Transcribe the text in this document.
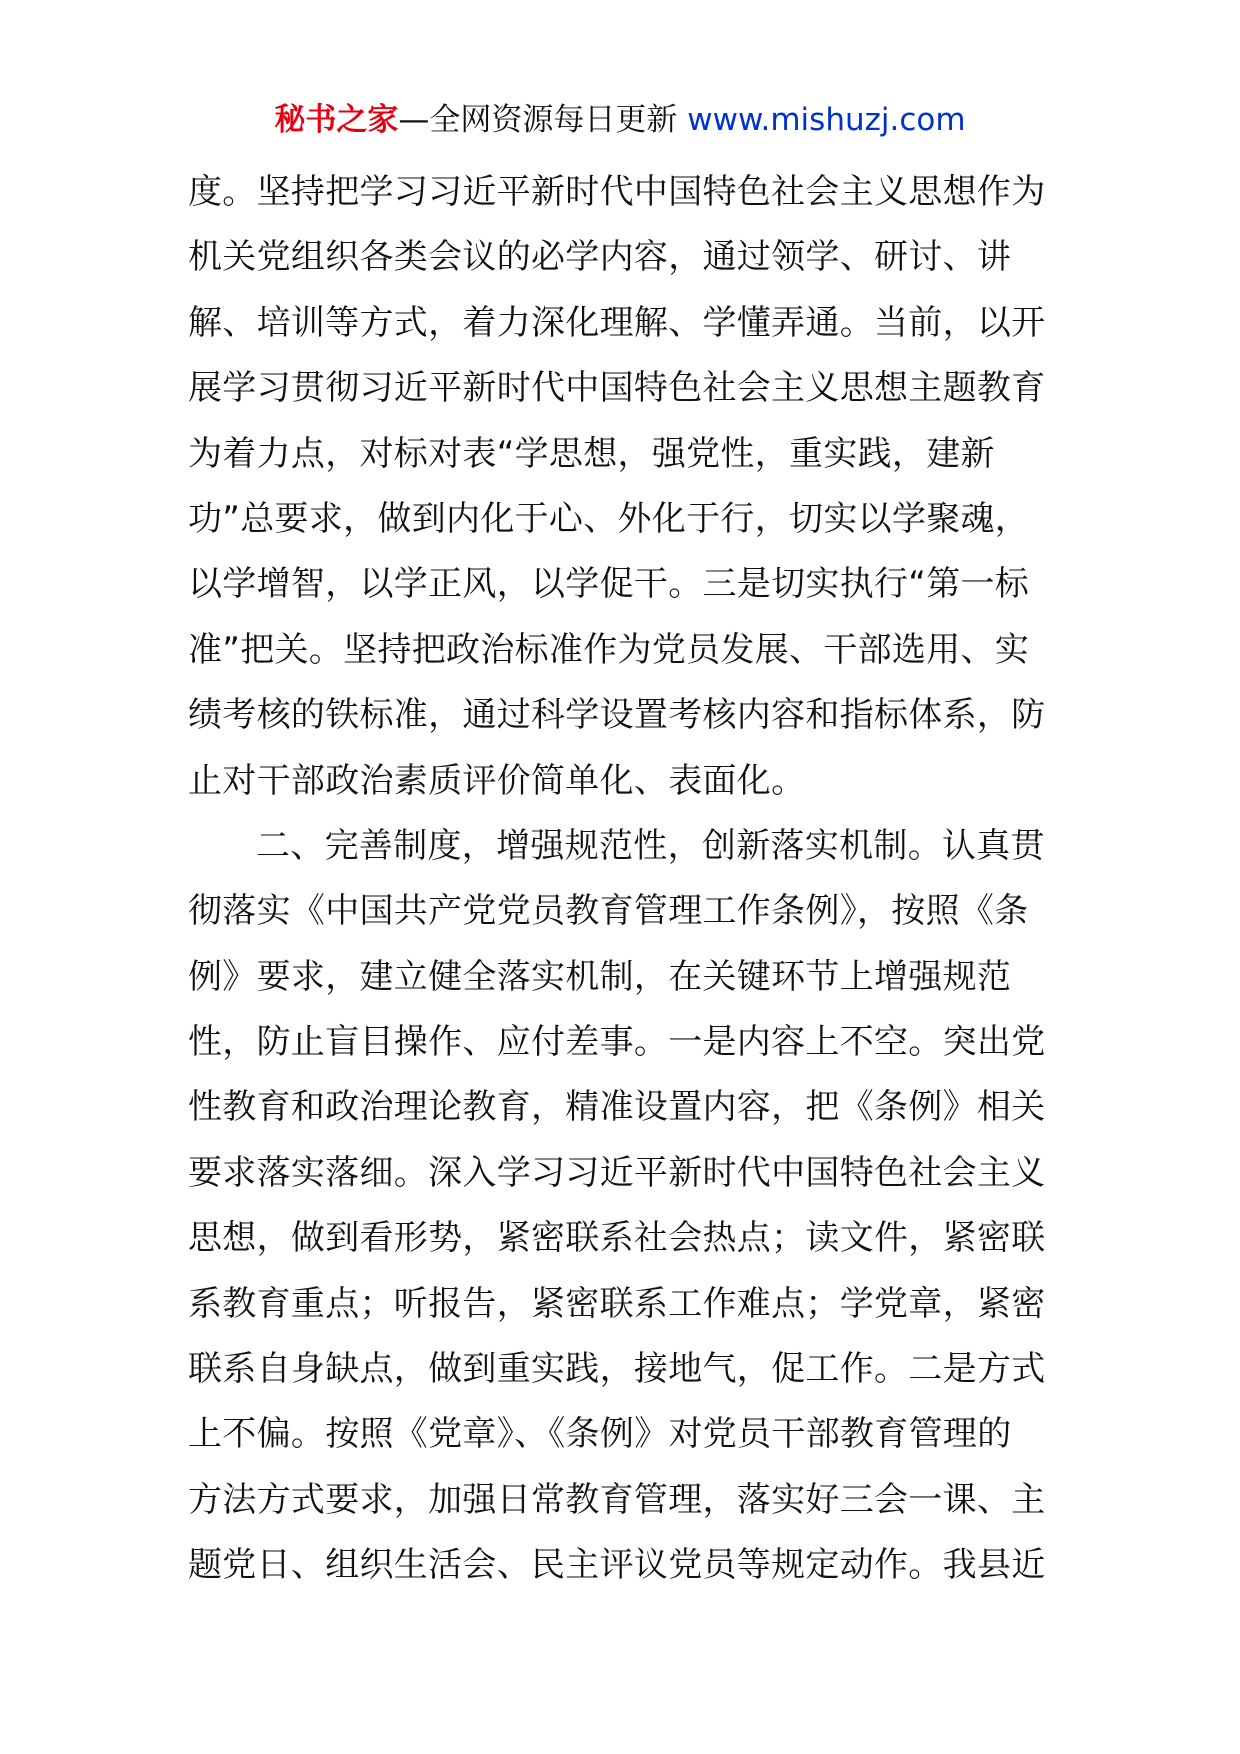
秘书之家—全网资源每日更新 www.mishuzj.com
度。坚持把学习习近平新时代中国特色社会主义思想作为
机关党组织各类会议的必学内容，通过领学、研讨、讲
解、培训等方式，着力深化理解、学懂弄通。当前，以开
展学习贯彻习近平新时代中国特色社会主义思想主题教育
为着力点，对标对表“学思想，强党性，重实践，建新
功”总要求，做到内化于心、外化于行，切实以学聚魂，
以学增智，以学正风，以学促干。三是切实执行“第一标
准”把关。坚持把政治标准作为党员发展、干部选用、实
绩考核的铁标准，通过科学设置考核内容和指标体系，防
止对干部政治素质评价简单化、表面化。
二、完善制度，增强规范性，创新落实机制。认真贯
彻落实《中国共产党党员教育管理工作条例》，按照《条
例》要求，建立健全落实机制，在关键环节上增强规范
性，防止盲目操作、应付差事。一是内容上不空。突出党
性教育和政治理论教育，精准设置内容，把《条例》相关
要求落实落细。深入学习习近平新时代中国特色社会主义
思想，做到看形势，紧密联系社会热点；读文件，紧密联
系教育重点；听报告，紧密联系工作难点；学党章，紧密
联系自身缺点，做到重实践，接地气，促工作。二是方式
上不偏。按照《党章》、《条例》对党员干部教育管理的
方法方式要求，加强日常教育管理，落实好三会一课、主
题党日、组织生活会、民主评议党员等规定动作。我县近
